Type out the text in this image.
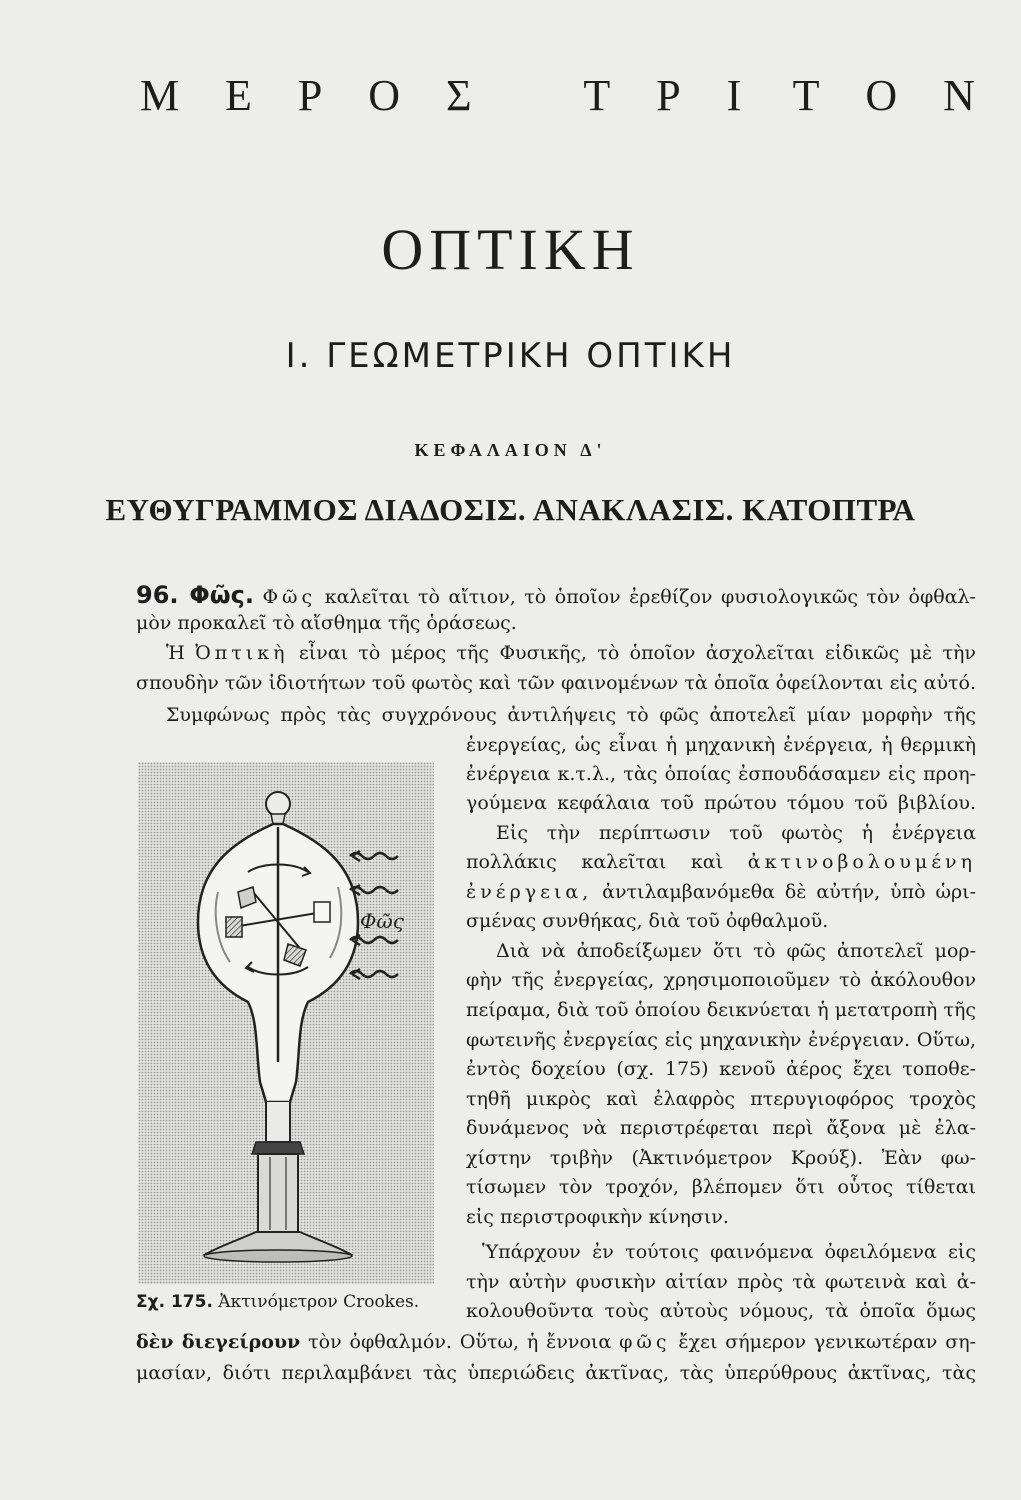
Μ Ε Ρ Ο Σ	Τ Ρ Ι Τ Ο Ν
ΟΠΤΙΚΗ
Ι. ΓΕΩΜΕΤΡΙΚΗ ΟΠΤΙΚΗ
ΚΕΦΑΛΑΙΟΝ Δ'
ΕΥΘΥΓΡΑΜΜΟΣ ΔΙΑΔΟΣΙΣ. ΑΝΑΚΛΑΣΙΣ. ΚΑΤΟΠΤΡΑ
96. Φῶς. Φῶς καλεῖται τὸ αἴτιον, τὸ ὁποῖον ἐρεθίζον φυσιολογικῶς τὸν ὀφθαλ-
μὸν προκαλεῖ τὸ αἴσθημα τῆς ὁράσεως.
Ἡ Ὀπτικὴ εἶναι τὸ μέρος τῆς Φυσικῆς, τὸ ὁποῖον ἀσχολεῖται εἰδικῶς μὲ τὴν
σπουδὴν τῶν ἰδιοτήτων τοῦ φωτὸς καὶ τῶν φαινομένων τὰ ὁποῖα ὀφείλονται εἰς αὐτό.
Συμφώνως πρὸς τὰς συγχρόνους ἀντιλήψεις τὸ φῶς ἀποτελεῖ μίαν μορφὴν τῆς
ἐνεργείας, ὡς εἶναι ἡ μηχανικὴ ἐνέργεια, ἡ θερμικὴ
ἐνέργεια κ.τ.λ., τὰς ὁποίας ἐσπουδάσαμεν εἰς προη-
γούμενα κεφάλαια τοῦ πρώτου τόμου τοῦ βιβλίου.
Εἰς τὴν περίπτωσιν τοῦ φωτὸς ἡ ἐνέργεια
πολλάκις καλεῖται καὶ ἀκτινοβολουμένη
ἐνέργεια, ἀντιλαμβανόμεθα δὲ αὐτήν, ὑπὸ ὡρι-
σμένας συνθήκας, διὰ τοῦ ὀφθαλμοῦ.
Διὰ νὰ ἀποδείξωμεν ὅτι τὸ φῶς ἀποτελεῖ μορ-
φὴν τῆς ἐνεργείας, χρησιμοποιοῦμεν τὸ ἀκόλουθον
πείραμα, διὰ τοῦ ὁποίου δεικνύεται ἡ μετατροπὴ τῆς
φωτεινῆς ἐνεργείας εἰς μηχανικὴν ἐνέργειαν. Οὕτω,
ἐντὸς δοχείου (σχ. 175) κενοῦ ἀέρος ἔχει τοποθε-
τηθῆ μικρὸς καὶ ἐλαφρὸς πτερυγιοφόρος τροχὸς
δυνάμενος νὰ περιστρέφεται περὶ ἄξονα μὲ ἐλα-
χίστην τριβὴν (Ἀκτινόμετρον Κρούξ). Ἐὰν φω-
τίσωμεν τὸν τροχόν, βλέπομεν ὅτι οὗτος τίθεται
εἰς περιστροφικὴν κίνησιν.
Ὑπάρχουν ἐν τούτοις φαινόμενα ὀφειλόμενα εἰς
τὴν αὐτὴν φυσικὴν αἰτίαν πρὸς τὰ φωτεινὰ καὶ ἀ-
κολουθοῦντα τοὺς αὐτοὺς νόμους, τὰ ὁποῖα ὅμως
δὲν διεγείρουν τὸν ὀφθαλμόν. Οὕτω, ἡ ἔννοια φῶς ἔχει σήμερον γενικωτέραν ση-
μασίαν, διότι περιλαμβάνει τὰς ὑπεριώδεις ἀκτῖνας, τὰς ὑπερύθρους ἀκτῖνας, τὰς
Φῶς
Σχ. 175. Ἀκτινόμετρον Crookes.
